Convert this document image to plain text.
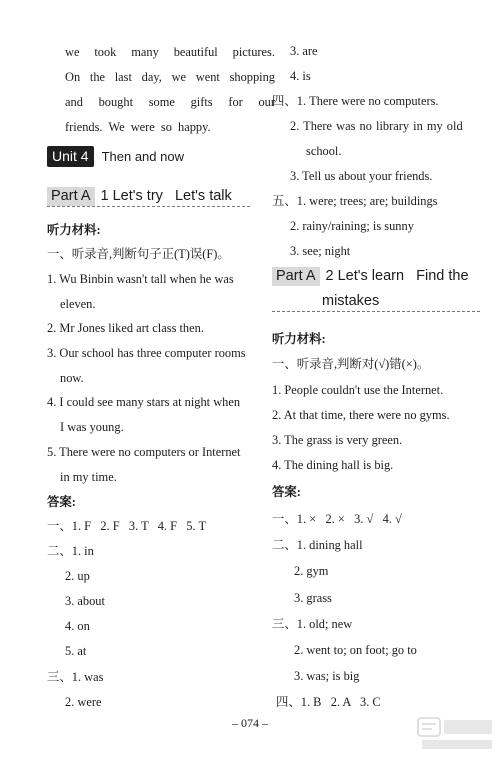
we took many beautiful pictures.
On the last day, we went shopping
and bought some gifts for our
friends. We were so happy.
Unit 4	Then and now
Part A 1 Let's try   Let's talk
听力材料:
一、听录音,判断句子正(T)误(F)。
1. Wu Binbin wasn't tall when he was
eleven.
2. Mr Jones liked art class then.
3. Our school has three computer rooms
now.
4. I could see many stars at night when
I was young.
5. There were no computers or Internet
in my time.
答案:
一、1. F   2. F   3. T   4. F   5. T
二、1. in
2. up
3. about
4. on
5. at
三、1. was
2. were
3. are
4. is
四、1. There were no computers.
2. There was no library in my old
school.
3. Tell us about your friends.
五、1. were; trees; are; buildings
2. rainy/raining; is sunny
3. see; night
Part A 2 Let's learn   Find the
mistakes
听力材料:
一、听录音,判断对(√)错(×)。
1. People couldn't use the Internet.
2. At that time, there were no gyms.
3. The grass is very green.
4. The dining hall is big.
答案:
一、1. ×   2. ×   3. √   4. √
二、1. dining hall
2. gym
3. grass
三、1. old; new
2. went to; on foot; go to
3. was; is big
四、1. B   2. A   3. C
– 074 –
